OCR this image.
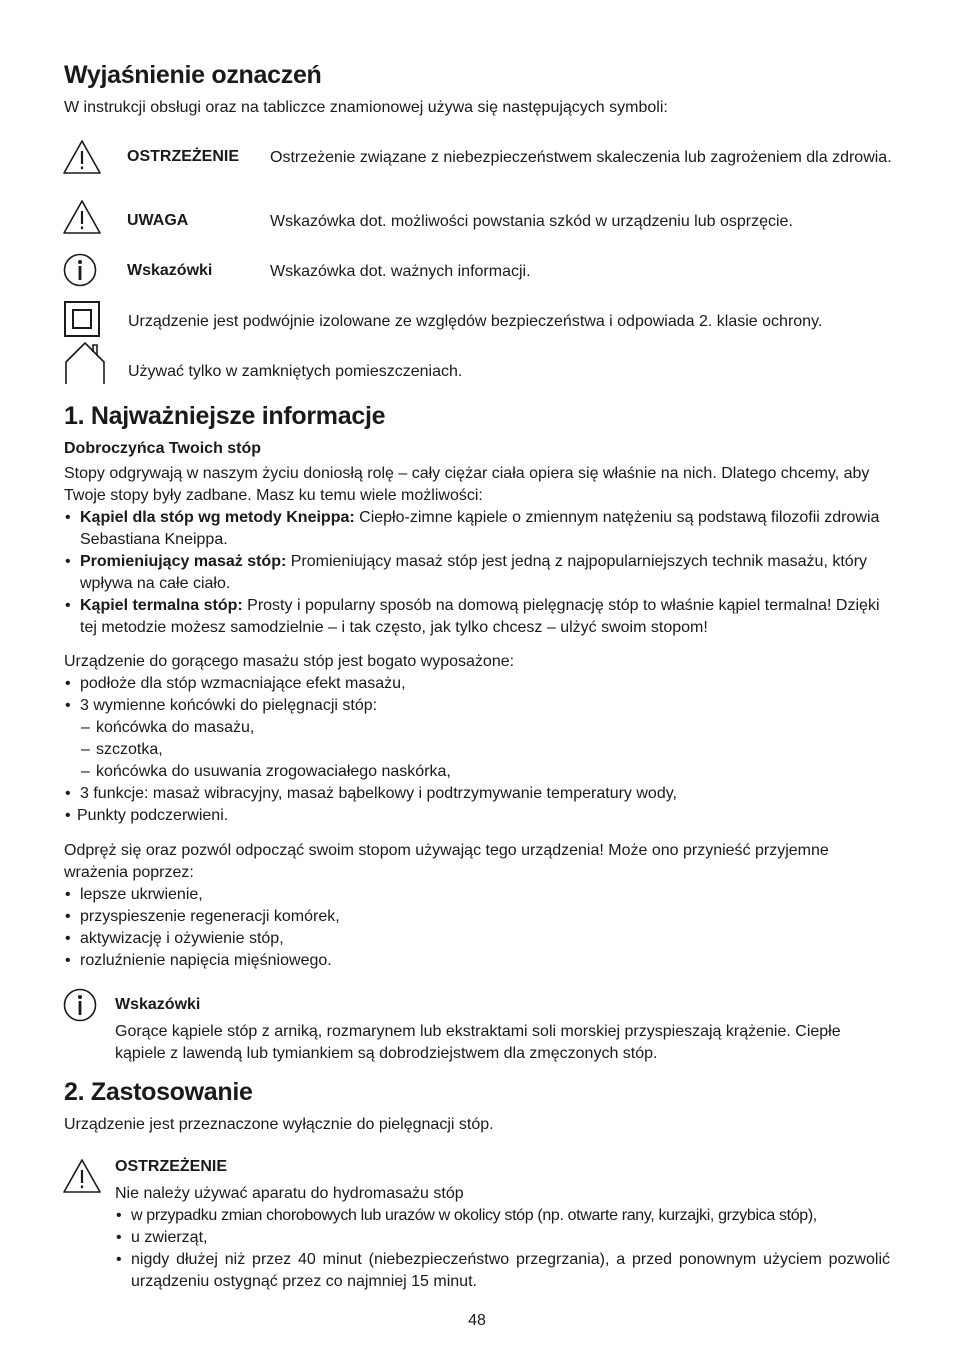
Wyjaśnienie oznaczeń

W instrukcji obsługi oraz na tabliczce znamionowej używa się następujących symboli:

OSTRZEŻENIE Ostrzeżenie związane z niebezpieczeństwem skaleczenia lub zagrożeniem dla zdrowia.
UWAGA	Wskazówka dot. możliwości powstania szkód w urządzeniu lub osprzęcie.
Wskazówki	Wskazówka dot. ważnych informacji.
Urządzenie jest podwójnie izolowane ze względów bezpieczeństwa i odpowiada 2. klasie ochrony.
Używać tylko w zamkniętych pomieszczeniach.
1. Najważniejsze informacje
Dobroczyńca Twoich stóp

Stopy odgrywają w naszym życiu doniosłą rolę – cały ciężar ciała opiera się właśnie na nich. Dlatego chcemy, aby Twoje stopy były zadbane. Masz ku temu wiele możliwości:

• Kąpiel dla stóp wg metody Kneippa: Ciepło-zimne kąpiele o zmiennym natężeniu są podstawą filozofii zdrowia Sebastiana Kneippa.
• Promieniujący masaż stóp: Promieniujący masaż stóp jest jedną z najpopularniejszych technik masażu, który wpływa na całe ciało.
• Kąpiel termalna stóp: Prosty i popularny sposób na domową pielęgnację stóp to właśnie kąpiel termalna! Dzięki tej metodzie możesz samodzielnie – i tak często, jak tylko chcesz – ulżyć swoim stopom!

Urządzenie do gorącego masażu stóp jest bogato wyposażone:

• podłoże dla stóp wzmacniające efekt masażu,
• 3 wymienne końcówki do pielęgnacji stóp:
– końcówka do masażu,
– szczotka,
– końcówka do usuwania zrogowaciałego naskórka,
• 3 funkcje: masaż wibracyjny, masaż bąbelkowy i podtrzymywanie temperatury wody,
• Punkty podczerwieni.

Odpręż się oraz pozwól odpocząć swoim stopom używając tego urządzenia! Może ono przynieść przyjemne wrażenia poprzez:

• lepsze ukrwienie,
• przyspieszenie regeneracji komórek,
• aktywizację i ożywienie stóp,
• rozluźnienie napięcia mięśniowego.
Wskazówki

Gorące kąpiele stóp z arniką, rozmarynem lub ekstraktami soli morskiej przyspieszają krążenie. Ciepłe kąpiele z lawendą lub tymiankiem są dobrodziejstwem dla zmęczonych stóp.

2. Zastosowanie

Urządzenie jest przeznaczone wyłącznie do pielęgnacji stóp.

OSTRZEŻENIE

Nie należy używać aparatu do hydromasażu stóp

• w przypadku zmian chorobowych lub urazów w okolicy stóp (np. otwarte rany, kurzajki, grzybica stóp),
• u zwierząt,
• nigdy dłużej niż przez 40 minut (niebezpieczeństwo przegrzania), a przed ponownym użyciem pozwolić urządzeniu ostygnąć przez co najmniej 15 minut.
48
